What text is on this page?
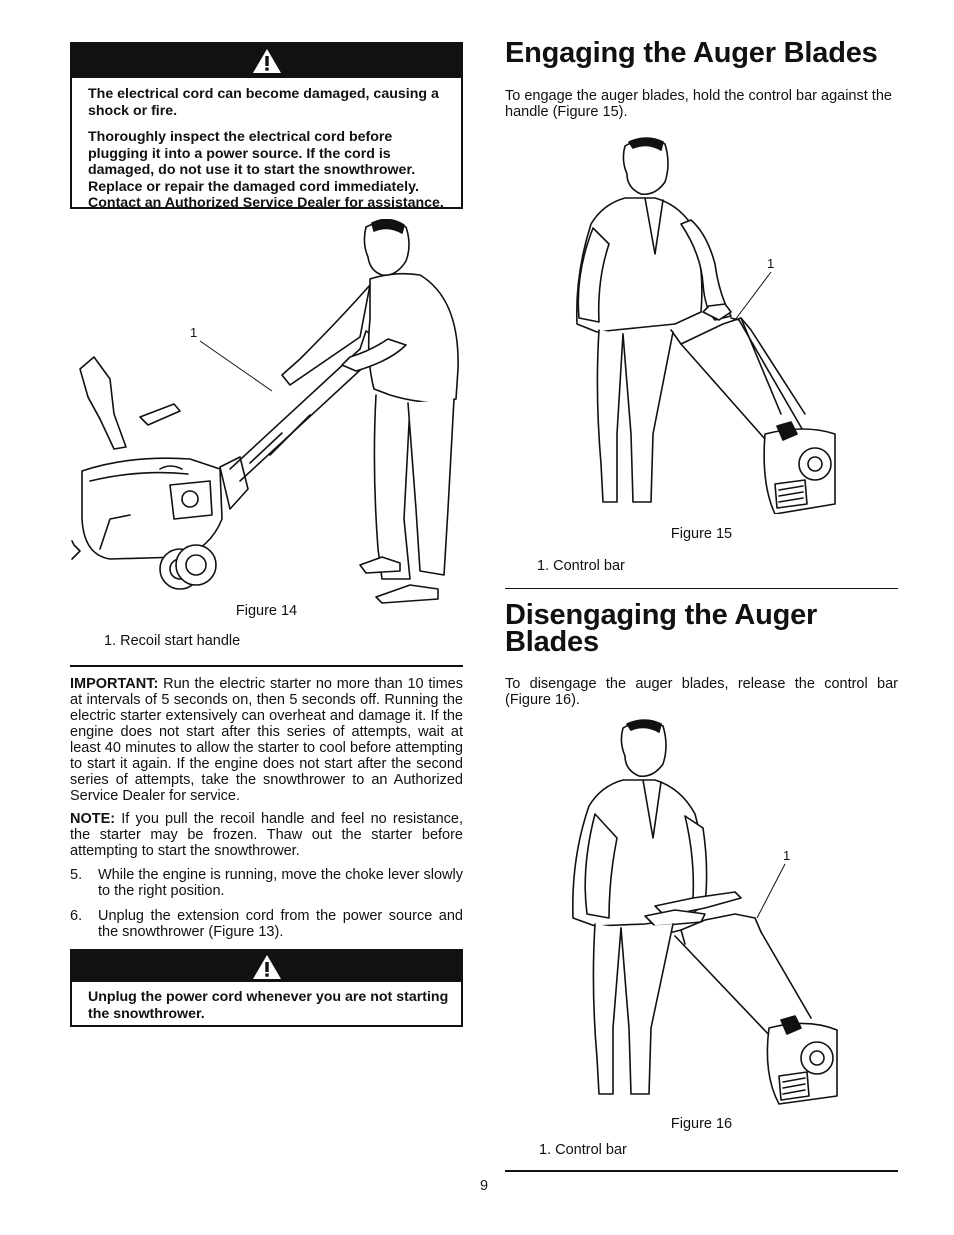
The electrical cord can become damaged, causing a shock or fire.

Thoroughly inspect the electrical cord before plugging it into a power source. If the cord is damaged, do not use it to start the snowthrower. Replace or repair the damaged cord immediately. Contact an Authorized Service Dealer for assistance.

1
Figure 14
1. Recoil start handle

IMPORTANT: Run the electric starter no more than 10 times at intervals of 5 seconds on, then 5 seconds off. Running the electric starter extensively can overheat and damage it. If the engine does not start after this series of attempts, wait at least 40 minutes to allow the starter to cool before attempting to start it again. If the engine does not start after the second series of attempts, take the snowthrower to an Authorized Service Dealer for service.

NOTE: If you pull the recoil handle and feel no resistance, the starter may be frozen. Thaw out the starter before attempting to start the snowthrower.

5.	While the engine is running, move the choke lever slowly to the right position.
6.	Unplug the extension cord from the power source and the snowthrower (Figure 13).

Unplug the power cord whenever you are not starting the snowthrower.

Engaging the Auger Blades
To engage the auger blades, hold the control bar against the handle (Figure 15).
1
Figure 15
1. Control bar
Disengaging the Auger Blades
To disengage the auger blades, release the control bar (Figure 16).
1
Figure 16
1. Control bar
9
